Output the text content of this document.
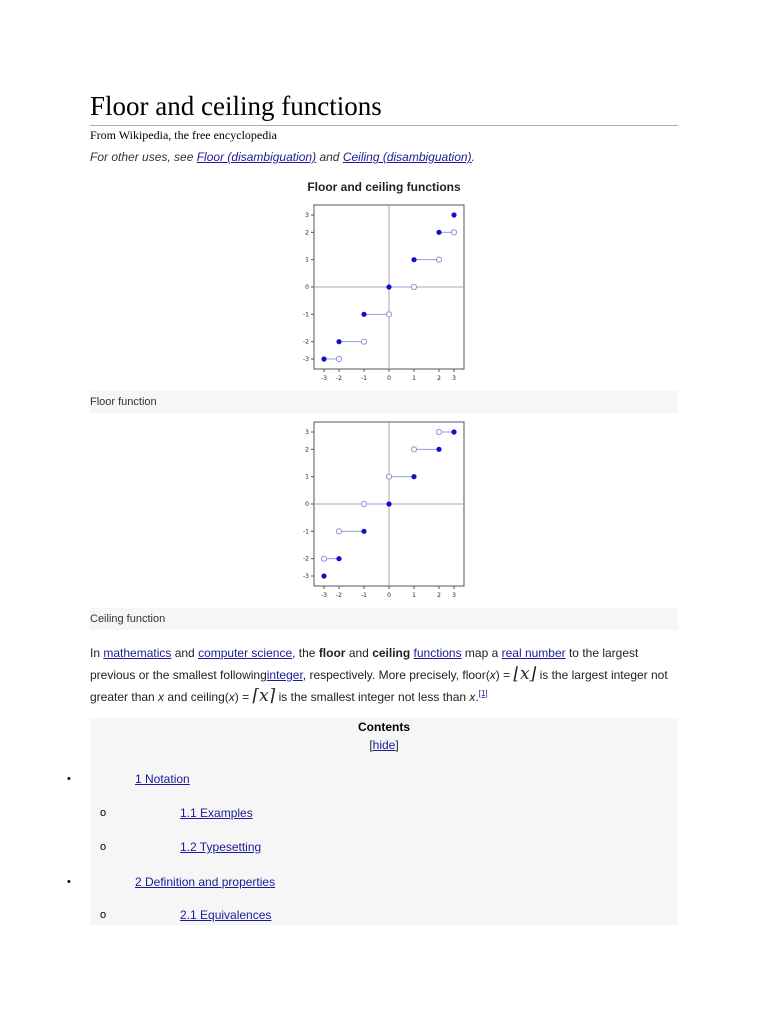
Floor and ceiling functions
From Wikipedia, the free encyclopedia
For other uses, see Floor (disambiguation) and Ceiling (disambiguation).
Floor and ceiling functions
-3 -2	-1	0	1	2 3
3
2
1
0
-1
-2
-3
Floor function
-3 -2	-1	0	1	2 3
3
2
1
0
-1
-2
-3
Ceiling function
In mathematics and computer science, the floor and ceiling functions map a real number to the largest previous or the smallest followinginteger, respectively. More precisely, floor(x) = ⌊x⌋ is the largest integer not greater than x and ceiling(x) = ⌈x⌉ is the smallest integer not less than x.[1]
Contents
[hide]
•	1 Notation
o	1.1 Examples
o	1.2 Typesetting
•	2 Definition and properties
o	2.1 Equivalences
